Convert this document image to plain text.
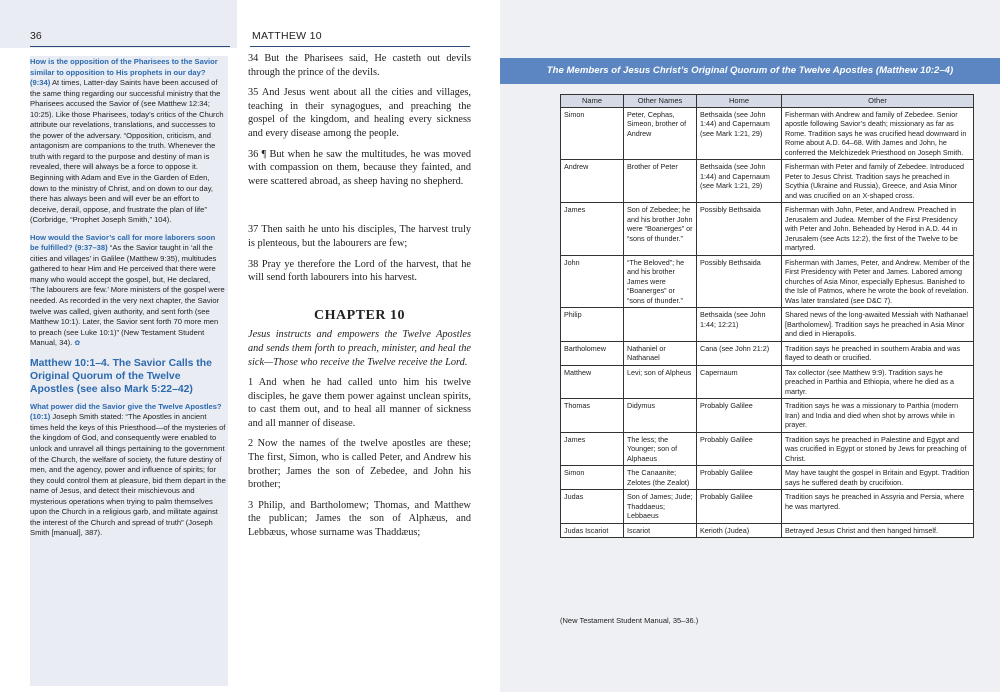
36	MATTHEW 10

How is the opposition of the Pharisees to the Savior similar to opposition to His prophets in our day?
(9:34) At times, Latter-day Saints have been accused of the same thing regarding our successful ministry that the Pharisees accused the Savior of (see Matthew 12:34; 10:25). Like those Pharisees, today’s critics of the Church attribute our revelations, translations, and successes to the power of the adversary. “Opposition, criticism, and antagonism are companions to the truth. Whenever the truth with regard to the purpose and destiny of man is revealed, there will always be a force to oppose it. Beginning with Adam and Eve in the Garden of Eden, down to the ministry of Christ, and on down to our day, there has always been and will ever be an effort to deceive, derail, oppose, and frustrate the plan of life” (Corbridge, “Prophet Joseph Smith,” 104).

How would the Savior’s call for more laborers soon be fulfilled? (9:37–38) “As the Savior taught in ‘all the cities and villages’ in Galilee (Matthew 9:35), multitudes gathered to hear Him and He perceived that there were many who would accept the gospel, but, He declared, ‘The labourers are few.’ More ministers of the gospel were needed. As recorded in the very next chapter, the Savior twelve was called, given authority, and sent forth (see Matthew 10:1). Later, the Savior sent forth 70 more men to preach (see Luke 10:1)” (New Testament Student Manual, 34). ✿

Matthew 10:1–4. The Savior Calls the Original Quorum of the Twelve Apostles (see also Mark 5:22–42)

What power did the Savior give the Twelve Apostles? (10:1) Joseph Smith stated: “The Apostles in ancient times held the keys of this Priesthood—of the mysteries of the kingdom of God, and consequently were enabled to unlock and unravel all things pertaining to the government of the Church, the welfare of society, the future destiny of men, and the agency, power and influence of spirits; for they could control them at pleasure, bid them depart in the name of Jesus, and detect their mischievous and mysterious operations when trying to palm themselves upon the Church in a religious garb, and militate against the interest of the Church and spread of truth” (Joseph Smith [manual], 387).

34 But the Pharisees said, He casteth out devils through the prince of the devils.

35 And Jesus went about all the cities and villages, teaching in their synagogues, and preaching the gospel of the kingdom, and healing every sickness and every disease among the people.

36 ¶ But when he saw the multitudes, he was moved with compassion on them, because they fainted, and were scattered abroad, as sheep having no shepherd.

37 Then saith he unto his disciples, The harvest truly is plenteous, but the labourers are few;

38 Pray ye therefore the Lord of the harvest, that he will send forth labourers into his harvest.

CHAPTER 10

Jesus instructs and empowers the Twelve Apostles and sends them forth to preach, minister, and heal the sick—Those who receive the Twelve receive the Lord.

1 And when he had called unto him his twelve disciples, he gave them power against unclean spirits, to cast them out, and to heal all manner of sickness and all manner of disease.

2 Now the names of the twelve apostles are these; The first, Simon, who is called Peter, and Andrew his brother; James the son of Zebedee, and John his brother;

3 Philip, and Bartholomew; Thomas, and Matthew the publican; James the son of Alphæus, and Lebbæus, whose surname was Thaddæus;

The Members of Jesus Christ’s Original Quorum of the Twelve Apostles (Matthew 10:2–4)
Name	Other Names	Home	Other
Simon	Peter, Cephas, Simeon, brother of Andrew	Bethsaida (see John 1:44) and Capernaum (see Mark 1:21, 29)	Fisherman with Andrew and family of Zebedee. Senior apostle following Savior’s death; missionary as far as Rome. Tradition says he was crucified head downward in Rome about A.D. 64–68. With James and John, he conferred the Melchizedek Priesthood on Joseph Smith.
Andrew	Brother of Peter	Bethsaida (see John 1:44) and Capernaum (see Mark 1:21, 29)	Fisherman with Peter and family of Zebedee. Introduced Peter to Jesus Christ. Tradition says he preached in Scythia (Ukraine and Russia), Greece, and Asia Minor and was crucified on an X-shaped cross.
James	Son of Zebedee; he and his brother John were “Boanerges” or “sons of thunder.”	Possibly Bethsaida	Fisherman with John, Peter, and Andrew. Preached in Jerusalem and Judea. Member of the First Presidency with Peter and John. Beheaded by Herod in A.D. 44 in Jerusalem (see Acts 12:2), the first of the Twelve to be martyred.
John	“The Beloved”; he and his brother James were “Boanerges” or “sons of thunder.”	Possibly Bethsaida	Fisherman with James, Peter, and Andrew. Member of the First Presidency with Peter and James. Labored among churches of Asia Minor, especially Ephesus. Banished to the Isle of Patmos, where he wrote the book of revelation. Was later translated (see D&C 7).
Philip		Bethsaida (see John 1:44; 12:21)	Shared news of the long-awaited Messiah with Nathanael [Bartholomew]. Tradition says he preached in Asia Minor and died in Hierapolis.
Bartholomew	Nathaniel or Nathanael	Cana (see John 21:2)	Tradition says he preached in southern Arabia and was flayed to death or crucified.
Matthew	Levi; son of Alpheus	Capernaum	Tax collector (see Matthew 9:9). Tradition says he preached in Parthia and Ethiopia, where he died as a martyr.
Thomas	Didymus	Probably Galilee	Tradition says he was a missionary to Parthia (modern Iran) and India and died when shot by arrows while in prayer.
James	The less; the Younger; son of Alphaeus	Probably Galilee	Tradition says he preached in Palestine and Egypt and was crucified in Egypt or stoned by Jews for preaching of Christ.
Simon	The Canaanite; Zelotes (the Zealot)	Probably Galilee	May have taught the gospel in Britain and Egypt. Tradition says he suffered death by crucifixion.
Judas	Son of James; Jude; Thaddaeus; Lebbaeus	Probably Galilee	Tradition says he preached in Assyria and Persia, where he was martyred.
Judas Iscariot	Iscariot	Kerioth (Judea)	Betrayed Jesus Christ and then hanged himself.
(New Testament Student Manual, 35–36.)
